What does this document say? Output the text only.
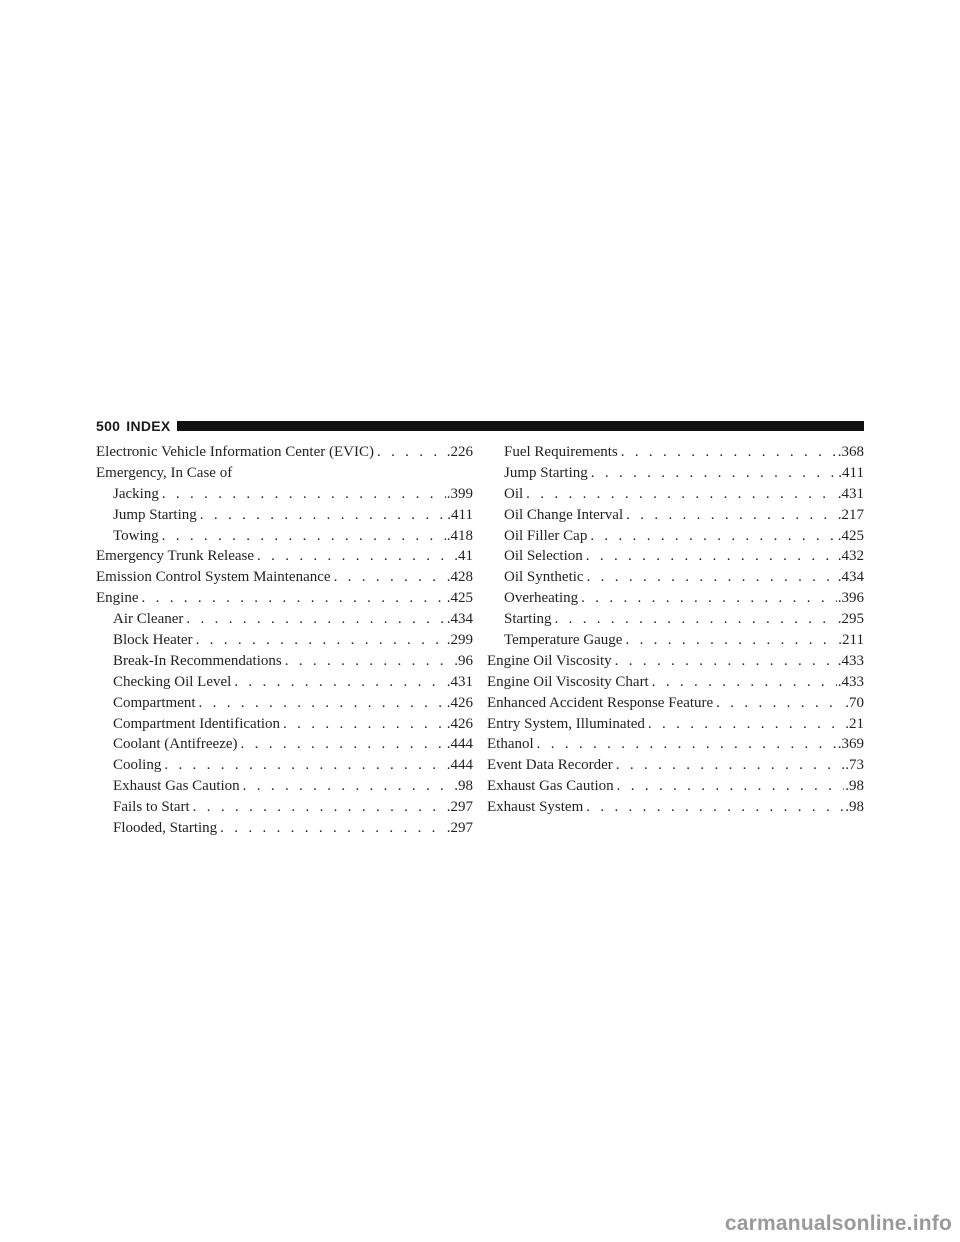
500 INDEX
Electronic Vehicle Information Center (EVIC) . . .	.226
Emergency, In Case of
Jacking . . .	.399
Jump Starting . . .	.411
Towing . . .	.418
Emergency Trunk Release . . .	.41
Emission Control System Maintenance . . .	.428
Engine . . .	.425
Air Cleaner . . .	.434
Block Heater . . .	.299
Break-In Recommendations . . .	.96
Checking Oil Level . . .	.431
Compartment . . .	.426
Compartment Identification . . .	.426
Coolant (Antifreeze) . . .	.444
Cooling . . .	.444
Exhaust Gas Caution . . .	.98
Fails to Start . . .	.297
Flooded, Starting . . .	.297
Fuel Requirements . . .	.368
Jump Starting . . .	.411
Oil . . .	.431
Oil Change Interval . . .	.217
Oil Filler Cap . . .	.425
Oil Selection . . .	.432
Oil Synthetic . . .	.434
Overheating . . .	.396
Starting . . .	.295
Temperature Gauge . . .	.211
Engine Oil Viscosity . . .	.433
Engine Oil Viscosity Chart . . .	.433
Enhanced Accident Response Feature . . .	.70
Entry System, Illuminated . . .	.21
Ethanol . . .	.369
Event Data Recorder . . .	.73
Exhaust Gas Caution . . .	.98
Exhaust System . . .	.98
carmanualsonline.info
